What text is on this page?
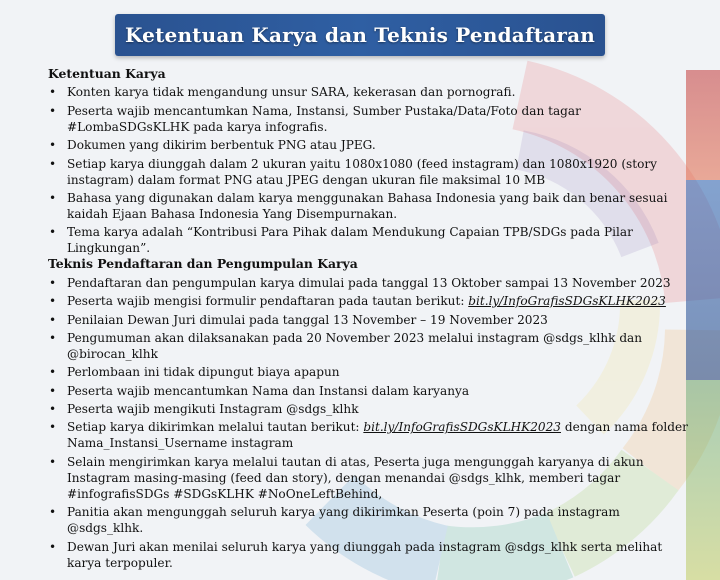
Ketentuan Karya dan Teknis Pendaftaran
Ketentuan Karya
• Konten karya tidak mengandung unsur SARA, kekerasan dan pornografi.
• Peserta wajib mencantumkan Nama, Instansi, Sumber Pustaka/Data/Foto dan tagar #LombaSDGsKLHK pada karya infografis.
• Dokumen yang dikirim berbentuk PNG atau JPEG.
• Setiap karya diunggah dalam 2 ukuran yaitu 1080x1080 (feed instagram) dan 1080x1920 (story instagram) dalam format PNG atau JPEG dengan ukuran file maksimal 10 MB
• Bahasa yang digunakan dalam karya menggunakan Bahasa Indonesia yang baik dan benar sesuai kaidah Ejaan Bahasa Indonesia Yang Disempurnakan.
• Tema karya adalah “Kontribusi Para Pihak dalam Mendukung Capaian TPB/SDGs pada Pilar Lingkungan”.
Teknis Pendaftaran dan Pengumpulan Karya
• Pendaftaran dan pengumpulan karya dimulai pada tanggal 13 Oktober sampai 13 November 2023
• Peserta wajib mengisi formulir pendaftaran pada tautan berikut: bit.ly/InfoGrafisSDGsKLHK2023
• Penilaian Dewan Juri dimulai pada tanggal 13 November – 19 November 2023
• Pengumuman akan dilaksanakan pada 20 November 2023 melalui instagram @sdgs_klhk dan @birocan_klhk
• Perlombaan ini tidak dipungut biaya apapun
• Peserta wajib mencantumkan Nama dan Instansi dalam karyanya
• Peserta wajib mengikuti Instagram @sdgs_klhk
• Setiap karya dikirimkan melalui tautan berikut: bit.ly/InfoGrafisSDGsKLHK2023 dengan nama folder Nama_Instansi_Username instagram
• Selain mengirimkan karya melalui tautan di atas, Peserta juga mengunggah karyanya di akun Instagram masing-masing (feed dan story), dengan menandai @sdgs_klhk, memberi tagar #infografisSDGs #SDGsKLHK #NoOneLeftBehind,
• Panitia akan mengunggah seluruh karya yang dikirimkan Peserta (poin 7) pada instagram @sdgs_klhk.
• Dewan Juri akan menilai seluruh karya yang diunggah pada instagram @sdgs_klhk serta melihat karya terpopuler.
